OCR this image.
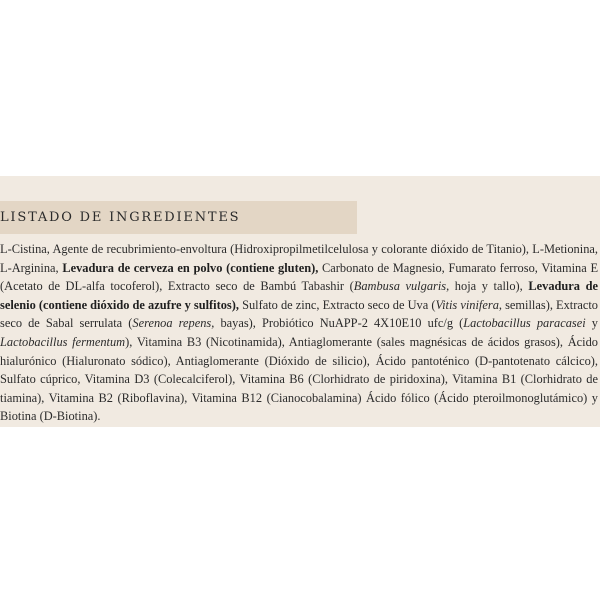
LISTADO DE INGREDIENTES

L-Cistina, Agente de recubrimiento-envoltura (Hidroxipropilmetilcelulosa y colorante dióxido de Titanio), L-Metionina, L-Arginina, Levadura de cerveza en polvo (contiene gluten), Carbonato de Magnesio, Fumarato ferroso, Vitamina E (Acetato de DL-alfa tocoferol), Extracto seco de Bambú Tabashir (Bambusa vulgaris, hoja y tallo), Levadura de selenio (contiene dióxido de azufre y sulfitos), Sulfato de zinc, Extracto seco de Uva (Vitis vinifera, semillas), Extracto seco de Sabal serrulata (Serenoa repens, bayas), Probiótico NuAPP-2 4X10E10 ufc/g (Lactobacillus paracasei y Lactobacillus fermentum), Vitamina B3 (Nicotinamida), Antiaglomerante (sales magnésicas de ácidos grasos), Ácido hialurónico (Hialuronato sódico), Antiaglomerante (Dióxido de silicio), Ácido pantoténico (D-pantotenato cálcico), Sulfato cúprico, Vitamina D3 (Colecalciferol), Vitamina B6 (Clorhidrato de piridoxina), Vitamina B1 (Clorhidrato de tiamina), Vitamina B2 (Riboflavina), Vitamina B12 (Cianocobalamina) Ácido fólico (Ácido pteroilmonoglutámico) y Biotina (D-Biotina).
